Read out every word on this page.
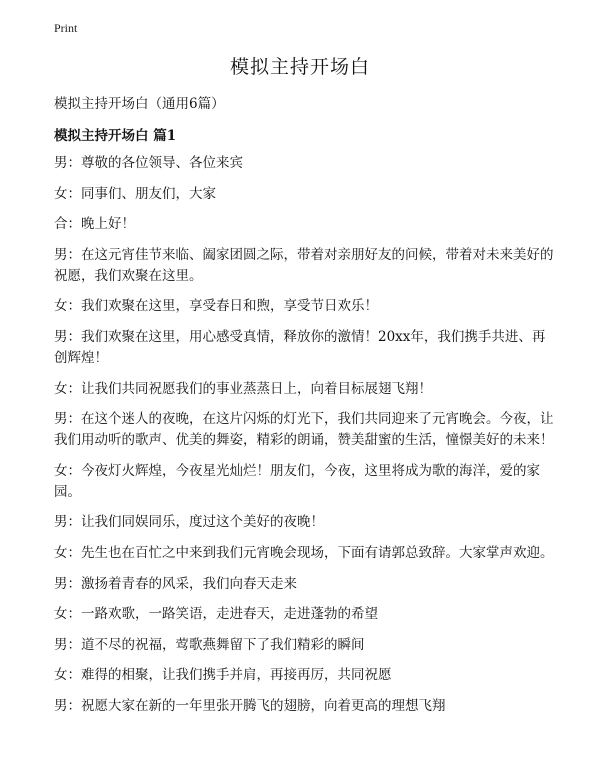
Print
模拟主持开场白
模拟主持开场白（通用6篇）
模拟主持开场白 篇1

男：尊敬的各位领导、各位来宾

女：同事们、朋友们，大家

合：晚上好！

男：在这元宵佳节来临、阖家团圆之际，带着对亲朋好友的问候，带着对未来美好的祝愿，我们欢聚在这里。

女：我们欢聚在这里，享受春日和煦，享受节日欢乐！

男：我们欢聚在这里，用心感受真情，释放你的激情！20xx年，我们携手共进、再创辉煌！

女：让我们共同祝愿我们的事业蒸蒸日上，向着目标展翅飞翔！

男：在这个迷人的夜晚，在这片闪烁的灯光下，我们共同迎来了元宵晚会。今夜，让我们用动听的歌声、优美的舞姿，精彩的朗诵，赞美甜蜜的生活，憧憬美好的未来！

女：今夜灯火辉煌，今夜星光灿烂！朋友们，今夜，这里将成为歌的海洋，爱的家园。

男：让我们同娱同乐，度过这个美好的夜晚！

女：先生也在百忙之中来到我们元宵晚会现场，下面有请郭总致辞。大家掌声欢迎。

男：激扬着青春的风采，我们向春天走来

女：一路欢歌，一路笑语，走进春天，走进蓬勃的希望

男：道不尽的祝福，莺歌燕舞留下了我们精彩的瞬间

女：难得的相聚，让我们携手并肩，再接再厉，共同祝愿

男：祝愿大家在新的一年里张开腾飞的翅膀，向着更高的理想飞翔
